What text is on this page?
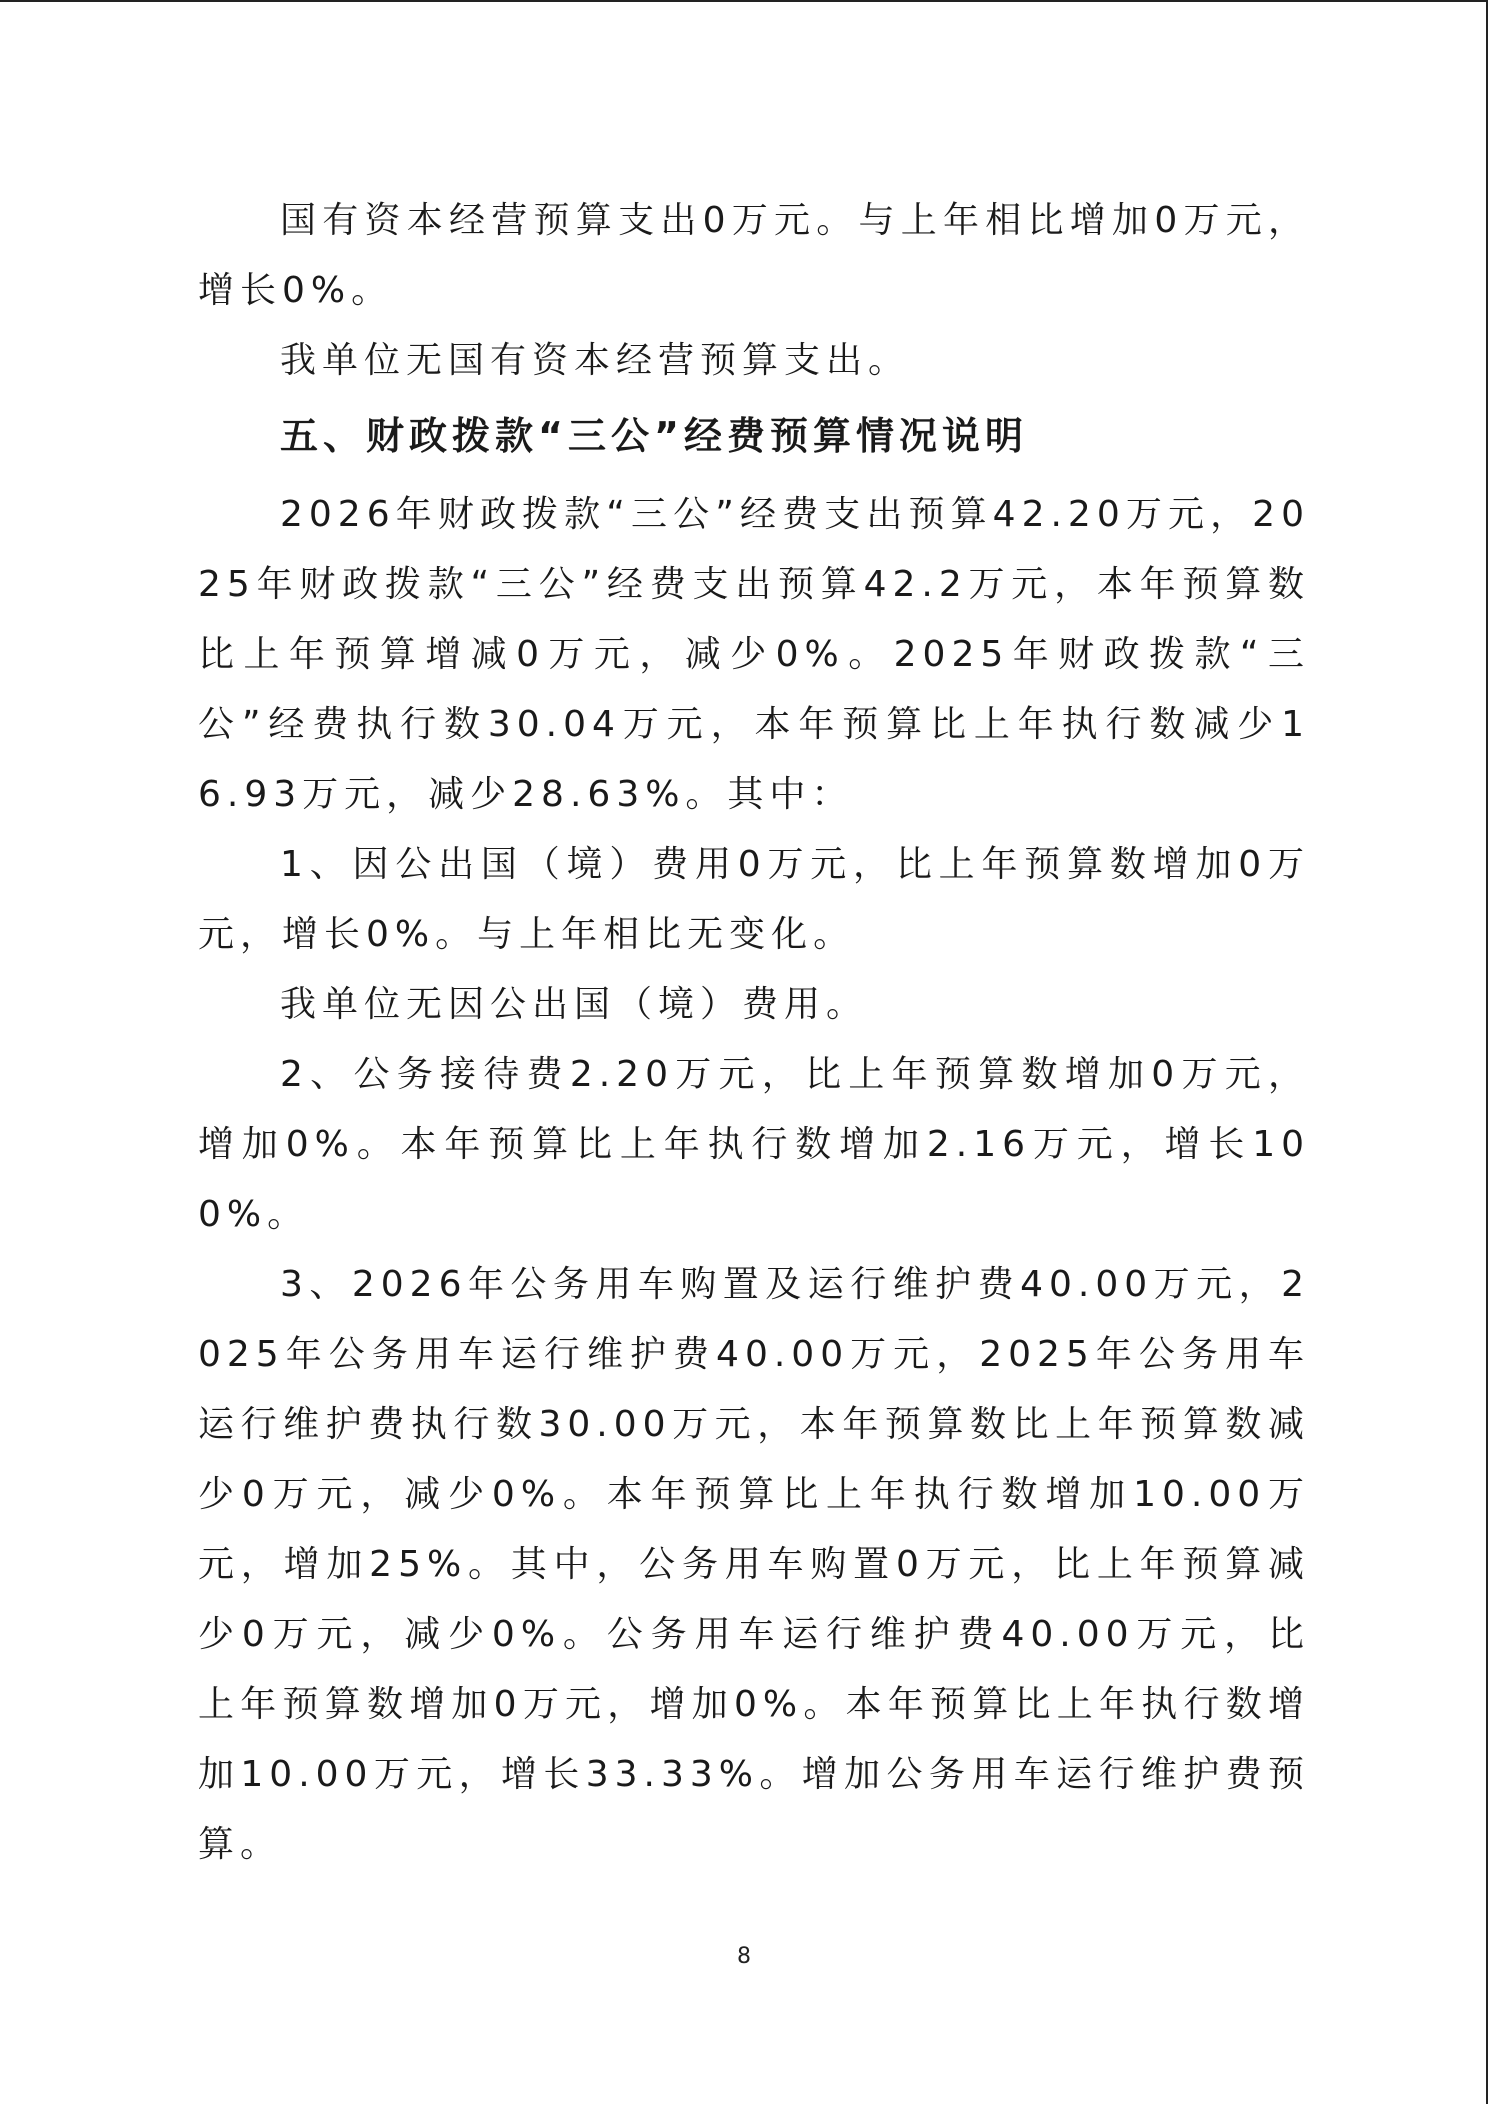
国有资本经营预算支出0万元。与上年相比增加0万元，增长0%。

我单位无国有资本经营预算支出。

五、财政拨款“三公”经费预算情况说明

2026年财政拨款“三公”经费支出预算42.20万元，2025年财政拨款“三公”经费支出预算42.2万元，本年预算数比上年预算增减0万元，减少0%。2025年财政拨款“三公”经费执行数30.04万元，本年预算比上年执行数减少16.93万元，减少28.63%。其中：

1、因公出国（境）费用0万元，比上年预算数增加0万元，增长0%。与上年相比无变化。

我单位无因公出国（境）费用。

2、公务接待费2.20万元，比上年预算数增加0万元，增加0%。本年预算比上年执行数增加2.16万元，增长100%。

3、2026年公务用车购置及运行维护费40.00万元，2025年公务用车运行维护费40.00万元，2025年公务用车运行维护费执行数30.00万元，本年预算数比上年预算数减少0万元，减少0%。本年预算比上年执行数增加10.00万元，增加25%。其中，公务用车购置0万元，比上年预算减少0万元，减少0%。公务用车运行维护费40.00万元，比上年预算数增加0万元，增加0%。本年预算比上年执行数增加10.00万元，增长33.33%。增加公务用车运行维护费预算。

8
